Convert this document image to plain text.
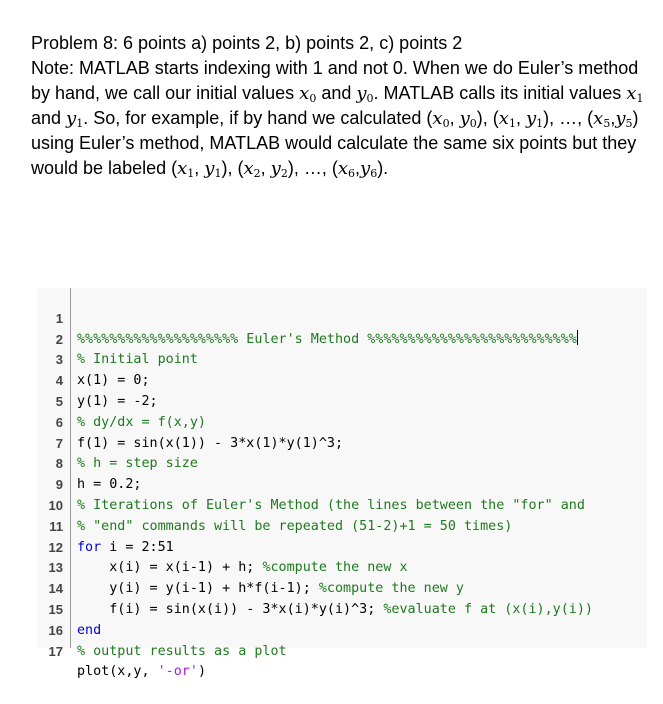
Problem 8: 6 points a) points 2, b) points 2, c) points 2

Note: MATLAB starts indexing with 1 and not 0. When we do Euler’s method by hand, we call our initial values $x_0$ and $y_0$. MATLAB calls its initial values $x_1$ and $y_1$. So, for example, if by hand we calculated ($x_0$, $y_0$), ($x_1$, $y_1$), …, $(x_5,y_5)$ using Euler’s method, MATLAB would calculate the same six points but they would be labeled ($x_1$, $y_1$), ($x_2$, $y_2$), …, $(x_6,y_6)$.

1

%%%%%%%%%%%%%%%%%%%% Euler's Method %%%%%%%%%%%%%%%%%%%%%%%%%%

2

% Initial point

3

x(1) = 0;

4

y(1) = -2;

5

% dy/dx = f(x,y)

6

f(1) = sin(x(1)) - 3*x(1)*y(1)^3;

7

% h = step size

8

h = 0.2;

9

% Iterations of Euler's Method (the lines between the "for" and

10

% "end" commands will be repeated (51-2)+1 = 50 times)

11

for i = 2:51

12

x(i) = x(i-1) + h; %compute the new x

13

y(i) = y(i-1) + h*f(i-1); %compute the new y

14

f(i) = sin(x(i)) - 3*x(i)*y(i)^3; %evaluate f at (x(i),y(i))

15

end

16

% output results as a plot

17

plot(x,y, '-or')
